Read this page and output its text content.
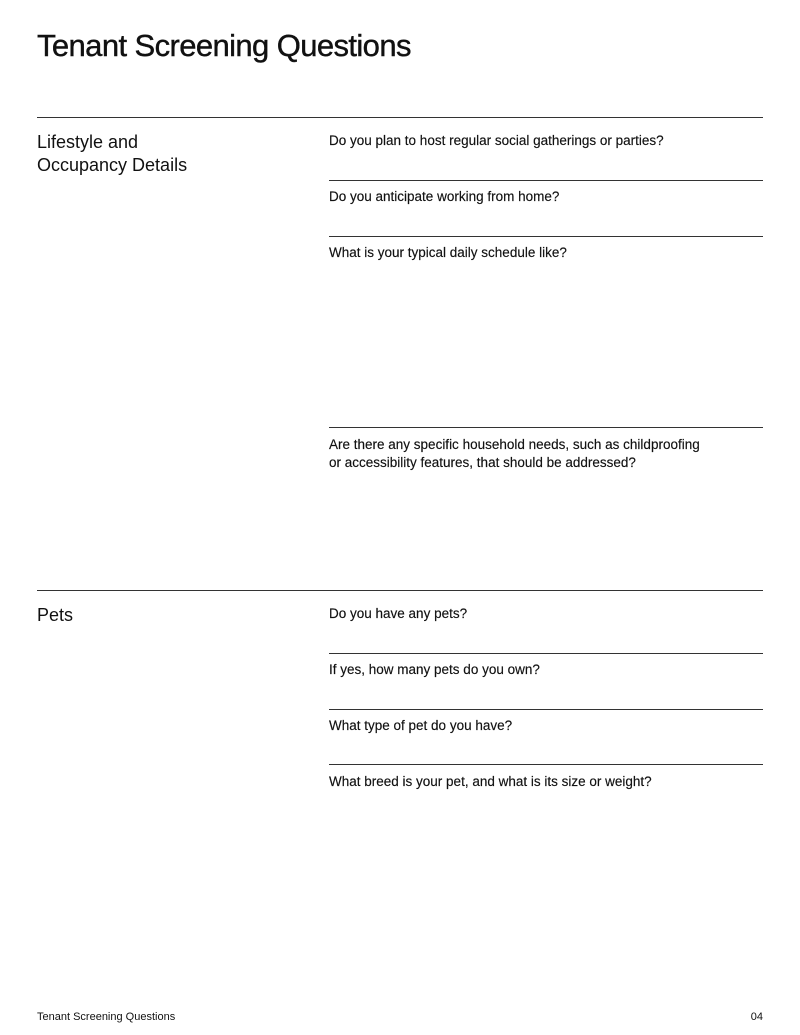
Tenant Screening Questions
Lifestyle and
Occupancy Details

Do you plan to host regular social gatherings or parties?

Do you anticipate working from home?

What is your typical daily schedule like?

Are there any specific household needs, such as childproofing
or accessibility features, that should be addressed?

Pets	Do you have any pets?

If yes, how many pets do you own?

What type of pet do you have?

What breed is your pet, and what is its size or weight?

Tenant Screening Questions	04
